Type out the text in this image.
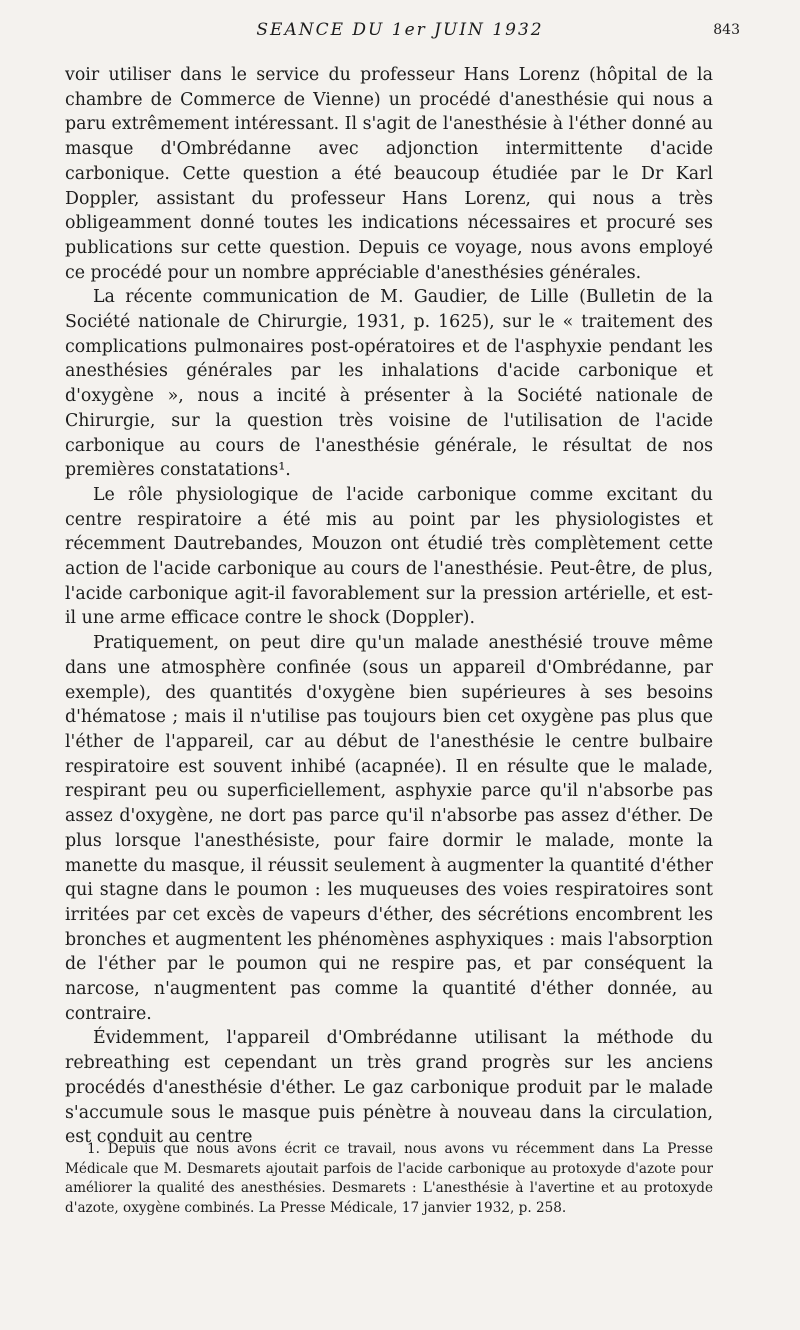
SEANCE DU 1er JUIN 1932	843

voir utiliser dans le service du professeur Hans Lorenz (hôpital de la chambre de Commerce de Vienne) un procédé d'anesthésie qui nous a paru extrêmement intéressant. Il s'agit de l'anesthésie à l'éther donné au masque d'Ombrédanne avec adjonction intermittente d'acide carbonique. Cette question a été beaucoup étudiée par le Dr Karl Doppler, assistant du professeur Hans Lorenz, qui nous a très obligeamment donné toutes les indications nécessaires et procuré ses publications sur cette question. Depuis ce voyage, nous avons employé ce procédé pour un nombre appréciable d'anesthésies générales.

La récente communication de M. Gaudier, de Lille (Bulletin de la Société nationale de Chirurgie, 1931, p. 1625), sur le « traitement des complications pulmonaires post-opératoires et de l'asphyxie pendant les anesthésies générales par les inhalations d'acide carbonique et d'oxygène », nous a incité à présenter à la Société nationale de Chirurgie, sur la question très voisine de l'utilisation de l'acide carbonique au cours de l'anesthésie générale, le résultat de nos premières constatations¹.

Le rôle physiologique de l'acide carbonique comme excitant du centre respiratoire a été mis au point par les physiologistes et récemment Dautrebandes, Mouzon ont étudié très complètement cette action de l'acide carbonique au cours de l'anesthésie. Peut-être, de plus, l'acide carbonique agit-il favorablement sur la pression artérielle, et est-il une arme efficace contre le shock (Doppler).

Pratiquement, on peut dire qu'un malade anesthésié trouve même dans une atmosphère confinée (sous un appareil d'Ombrédanne, par exemple), des quantités d'oxygène bien supérieures à ses besoins d'hématose ; mais il n'utilise pas toujours bien cet oxygène pas plus que l'éther de l'appareil, car au début de l'anesthésie le centre bulbaire respiratoire est souvent inhibé (acapnée). Il en résulte que le malade, respirant peu ou superficiellement, asphyxie parce qu'il n'absorbe pas assez d'oxygène, ne dort pas parce qu'il n'absorbe pas assez d'éther. De plus lorsque l'anesthésiste, pour faire dormir le malade, monte la manette du masque, il réussit seulement à augmenter la quantité d'éther qui stagne dans le poumon : les muqueuses des voies respiratoires sont irritées par cet excès de vapeurs d'éther, des sécrétions encombrent les bronches et augmentent les phénomènes asphyxiques : mais l'absorption de l'éther par le poumon qui ne respire pas, et par conséquent la narcose, n'augmentent pas comme la quantité d'éther donnée, au contraire.

Évidemment, l'appareil d'Ombrédanne utilisant la méthode du rebreathing est cependant un très grand progrès sur les anciens procédés d'anesthésie d'éther. Le gaz carbonique produit par le malade s'accumule sous le masque puis pénètre à nouveau dans la circulation, est conduit au centre

1. Depuis que nous avons écrit ce travail, nous avons vu récemment dans La Presse Médicale que M. Desmarets ajoutait parfois de l'acide carbonique au protoxyde d'azote pour améliorer la qualité des anesthésies. Desmarets : L'anesthésie à l'avertine et au protoxyde d'azote, oxygène combinés. La Presse Médicale, 17 janvier 1932, p. 258.
